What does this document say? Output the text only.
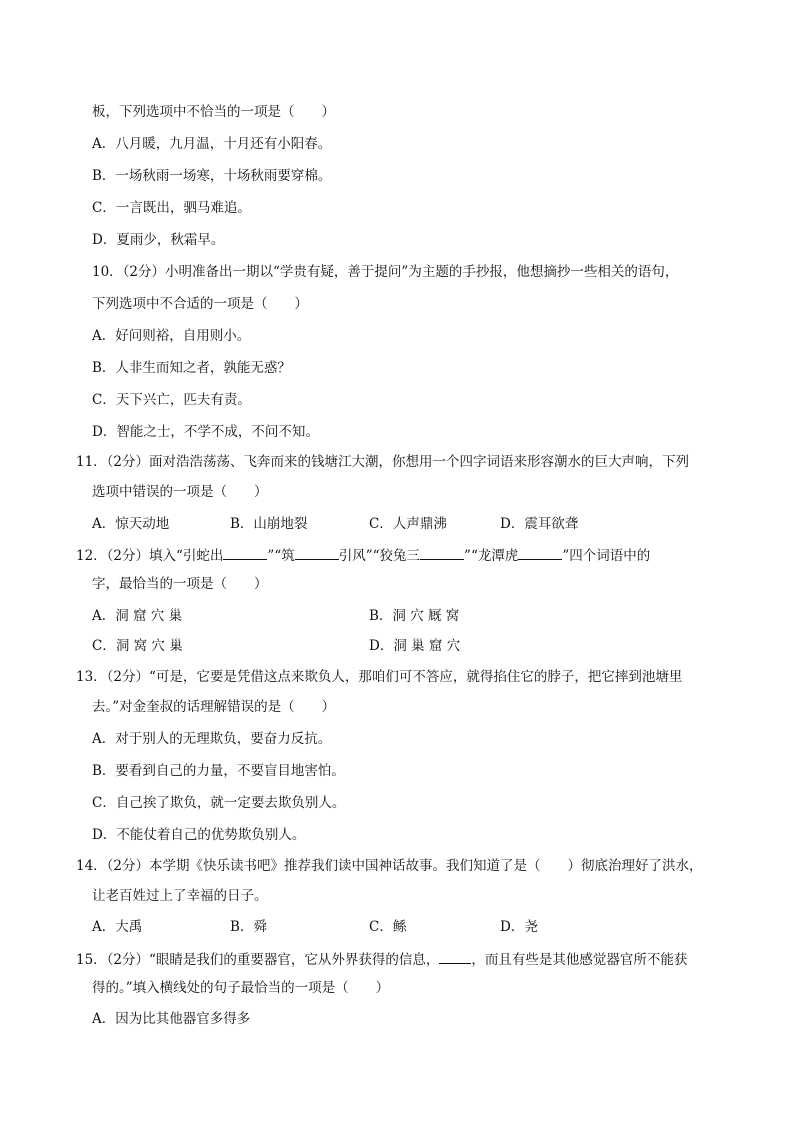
板，下列选项中不恰当的一项是（　　）
A．八月暖，九月温，十月还有小阳春。
B．一场秋雨一场寒，十场秋雨要穿棉。
C．一言既出，驷马难追。
D．夏雨少，秋霜早。
10．（2分）小明准备出一期以“学贵有疑，善于提问”为主题的手抄报，他想摘抄一些相关的语句，
下列选项中不合适的一项是（　　）
A．好问则裕，自用则小。
B．人非生而知之者，孰能无惑？
C．天下兴亡，匹夫有责。
D．智能之士，不学不成，不问不知。
11．（2分）面对浩浩荡荡、飞奔而来的钱塘江大潮，你想用一个四字词语来形容潮水的巨大声响，下列
选项中错误的一项是（　　）
A．惊天动地	B．山崩地裂	C．人声鼎沸	D．震耳欲聋
12．（2分）填入“引蛇出	”“筑	引风”“狡兔三	”“龙潭虎	”四个词语中的
字，最恰当的一项是（　　）
A．洞 窟 穴 巢	B．洞 穴 厩 窝
C．洞 窝 穴 巢	D．洞 巢 窟 穴
13．（2分）“可是，它要是凭借这点来欺负人，那咱们可不答应，就得掐住它的脖子，把它摔到池塘里
去。”对金奎叔的话理解错误的是（　　）
A．对于别人的无理欺负，要奋力反抗。
B．要看到自己的力量，不要盲目地害怕。
C．自己挨了欺负，就一定要去欺负别人。
D．不能仗着自己的优势欺负别人。
14．（2分）本学期《快乐读书吧》推荐我们读中国神话故事。我们知道了是（　　）彻底治理好了洪水，
让老百姓过上了幸福的日子。
A．大禹	B．舜	C．鲧	D．尧
15．（2分）“眼睛是我们的重要器官，它从外界获得的信息， ，而且有些是其他感觉器官所不能获
得的。”填入横线处的句子最恰当的一项是（　　）
A．因为比其他器官多得多
